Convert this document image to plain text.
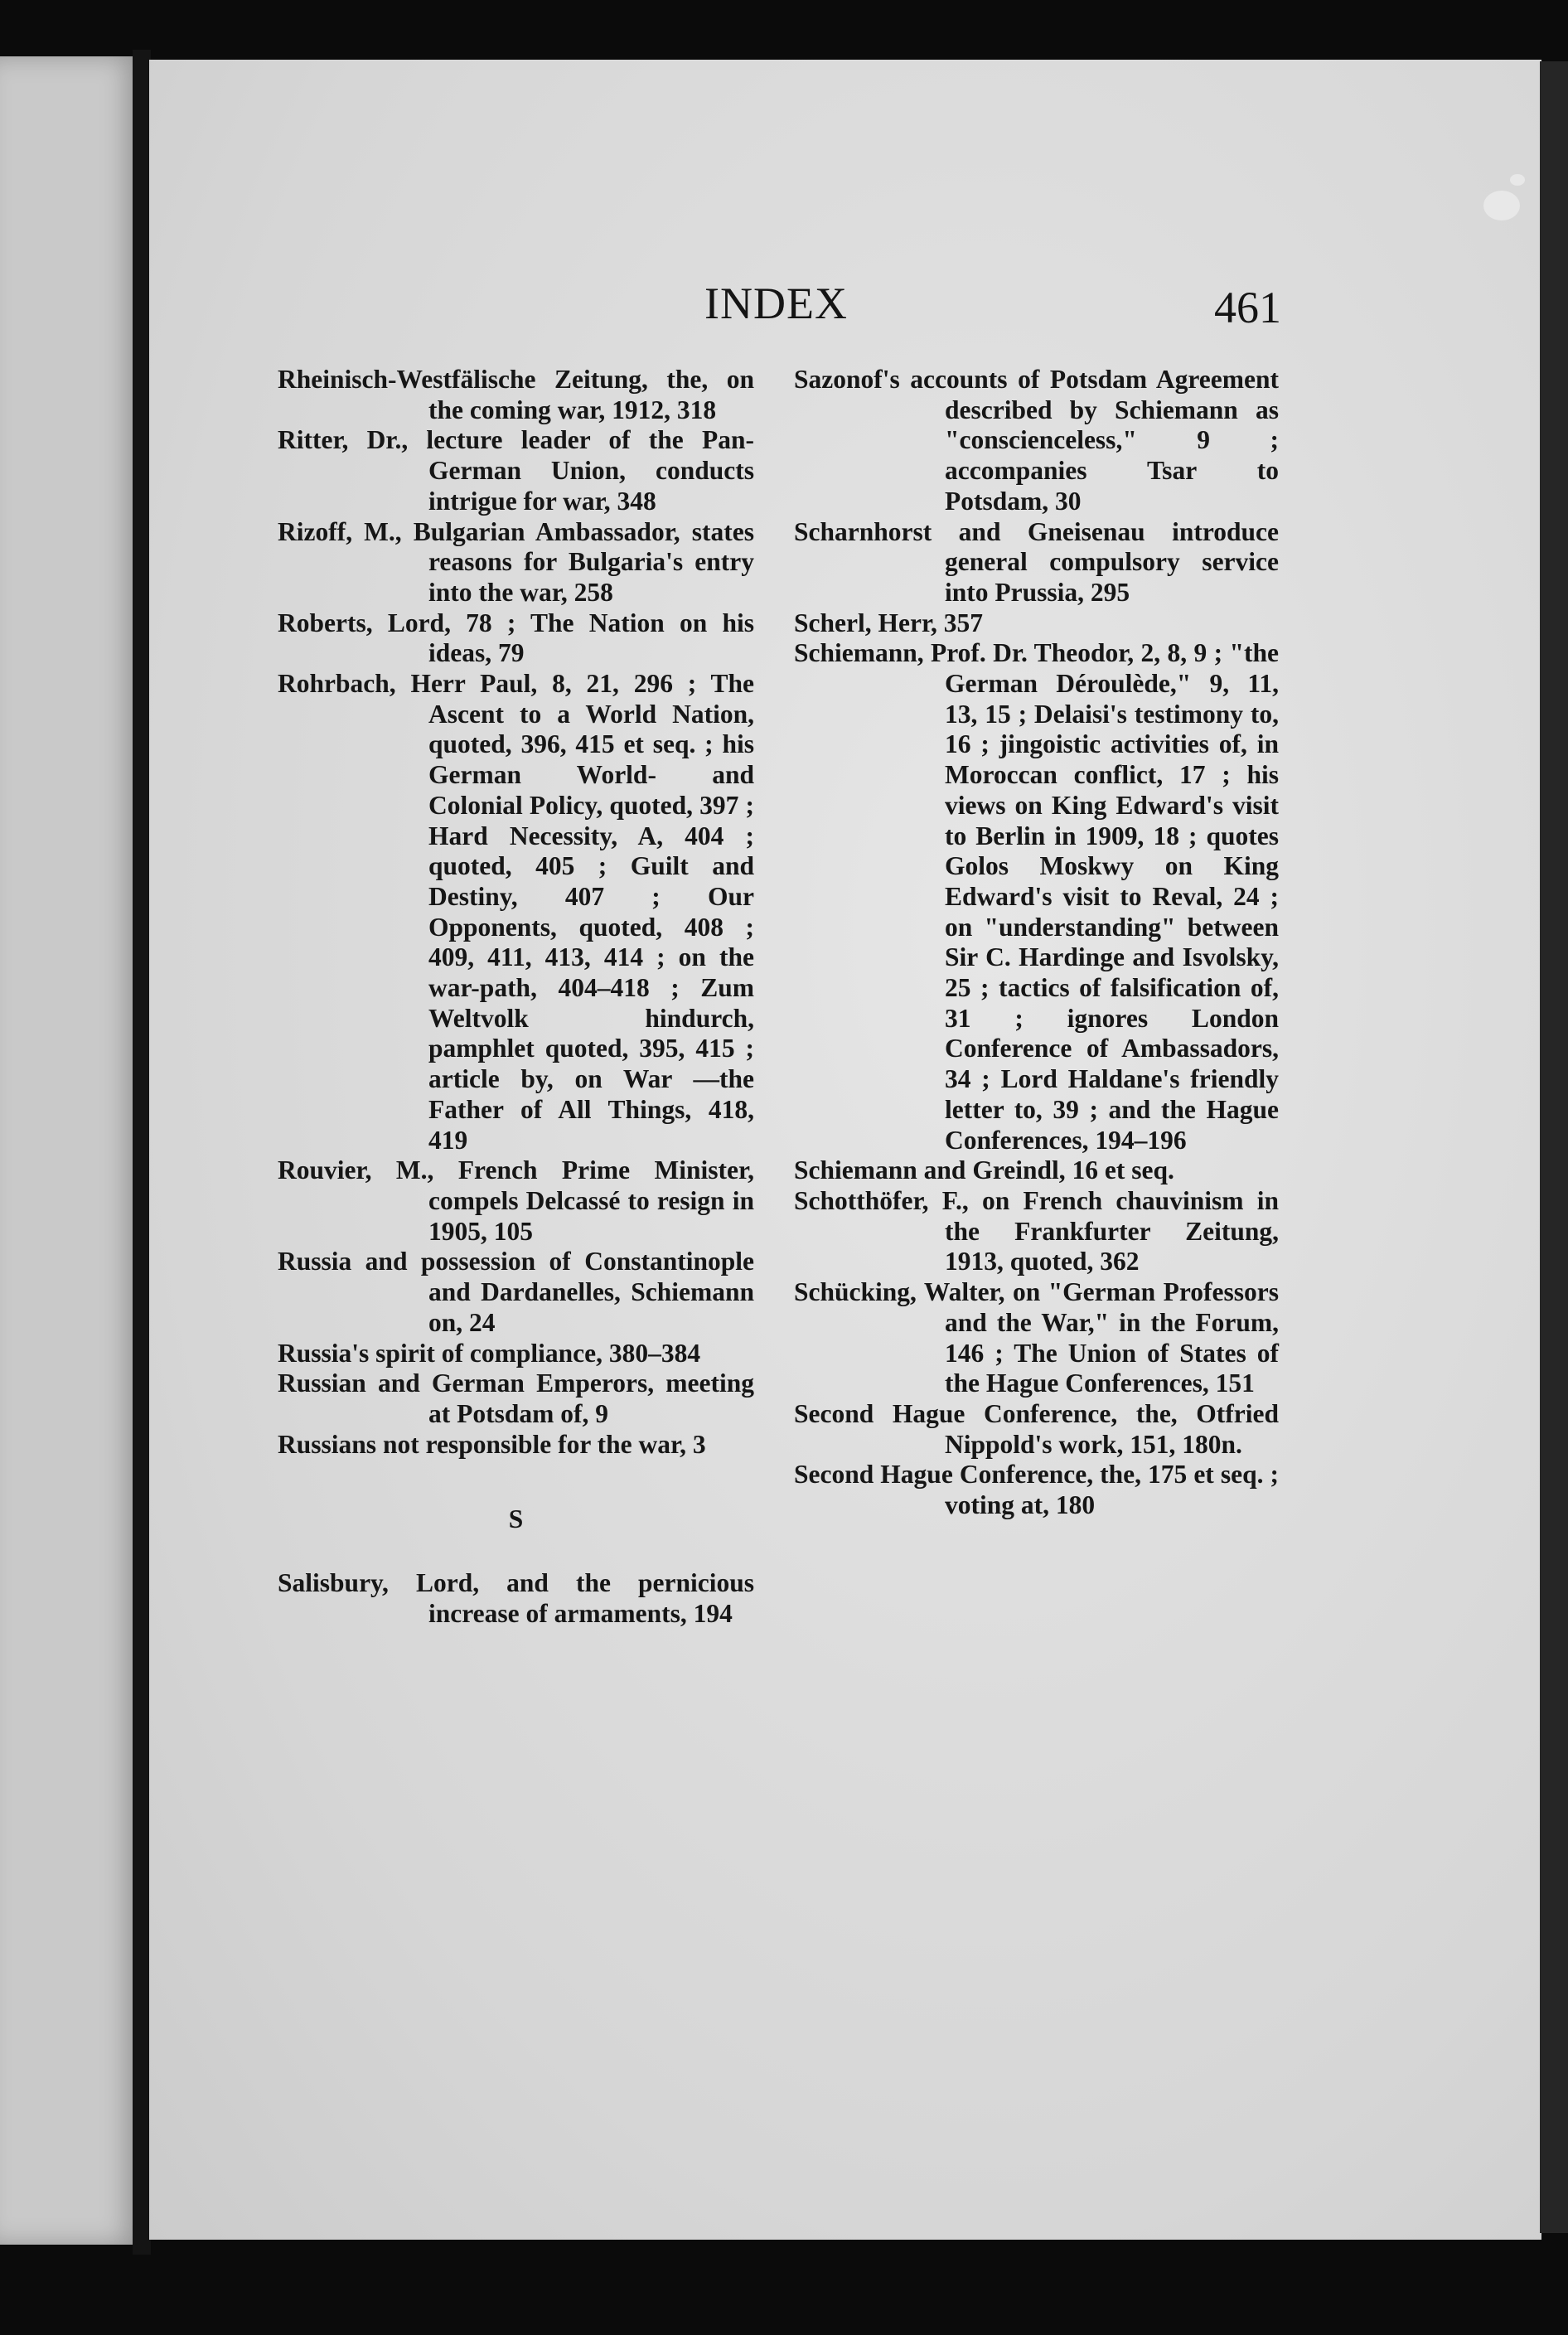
INDEX	461
Rheinisch-Westfälische Zeitung, the, on the coming war, 1912, 318
Ritter, Dr., lecture leader of the Pan-German Union, conducts intrigue for war, 348
Rizoff, M., Bulgarian Ambassador, states reasons for Bulgaria's entry into the war, 258
Roberts, Lord, 78 ; The Nation on his ideas, 79
Rohrbach, Herr Paul, 8, 21, 296 ; The Ascent to a World Nation, quoted, 396, 415 et seq. ; his German World- and Colonial Policy, quoted, 397 ; Hard Necessity, A, 404 ; quoted, 405 ; Guilt and Destiny, 407 ; Our Opponents, quoted, 408 ; 409, 411, 413, 414 ; on the war-path, 404–418 ; Zum Weltvolk hindurch, pamphlet quoted, 395, 415 ; article by, on War —the Father of All Things, 418, 419
Rouvier, M., French Prime Minister, compels Delcassé to resign in 1905, 105
Russia and possession of Constantinople and Dardanelles, Schiemann on, 24
Russia's spirit of compliance, 380–384
Russian and German Emperors, meeting at Potsdam of, 9
Russians not responsible for the war, 3
S
Salisbury, Lord, and the pernicious increase of armaments, 194
Sazonof's accounts of Potsdam Agreement described by Schiemann as "conscienceless," 9 ; accompanies Tsar to Potsdam, 30
Scharnhorst and Gneisenau introduce general compulsory service into Prussia, 295
Scherl, Herr, 357
Schiemann, Prof. Dr. Theodor, 2, 8, 9 ; "the German Déroulède," 9, 11, 13, 15 ; Delaisi's testimony to, 16 ; jingoistic activities of, in Moroccan conflict, 17 ; his views on King Edward's visit to Berlin in 1909, 18 ; quotes Golos Moskwy on King Edward's visit to Reval, 24 ; on "understanding" between Sir C. Hardinge and Isvolsky, 25 ; tactics of falsification of, 31 ; ignores London Conference of Ambassadors, 34 ; Lord Haldane's friendly letter to, 39 ; and the Hague Conferences, 194–196
Schiemann and Greindl, 16 et seq.
Schotthöfer, F., on French chauvinism in the Frankfurter Zeitung, 1913, quoted, 362
Schücking, Walter, on "German Professors and the War," in the Forum, 146 ; The Union of States of the Hague Conferences, 151
Second Hague Conference, the, Otfried Nippold's work, 151, 180n.
Second Hague Conference, the, 175 et seq. ; voting at, 180
